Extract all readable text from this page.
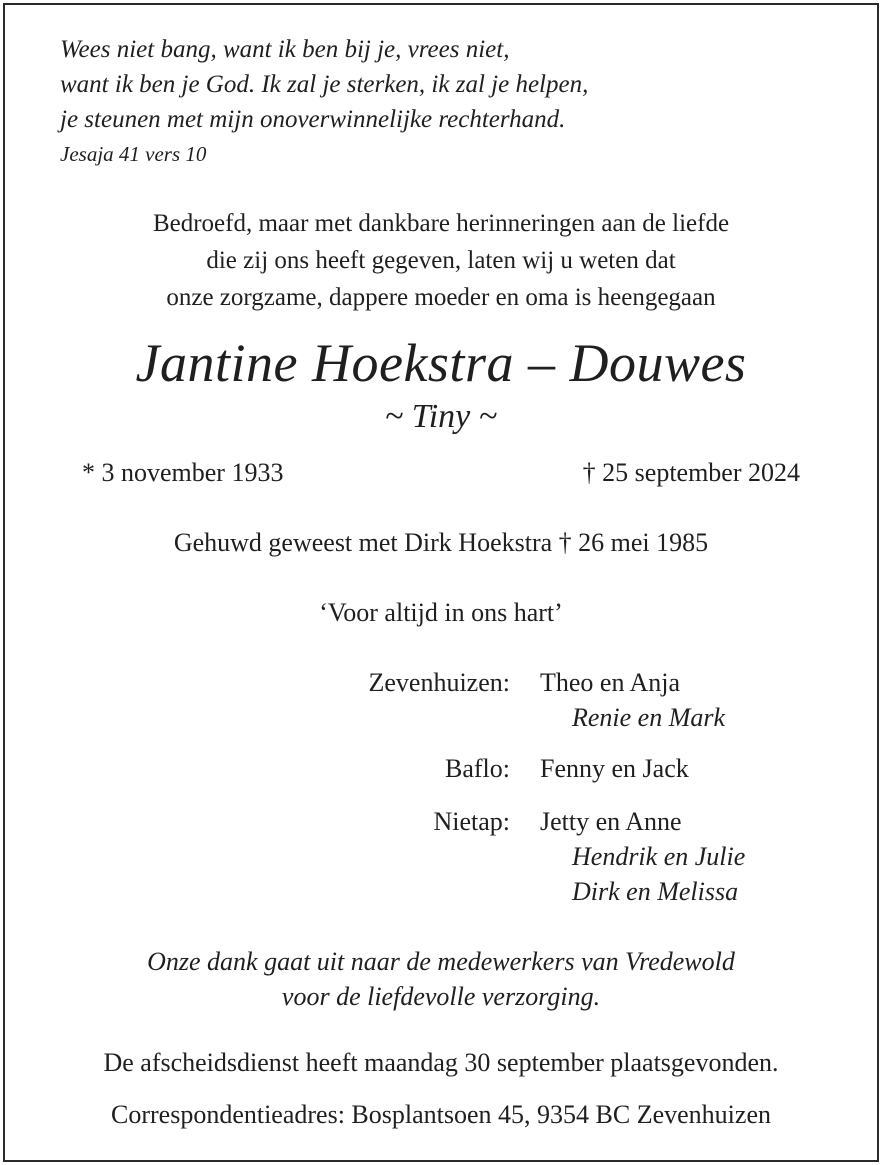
Wees niet bang, want ik ben bij je, vrees niet,
want ik ben je God. Ik zal je sterken, ik zal je helpen,
je steunen met mijn onoverwinnelijke rechterhand.
Jesaja 41 vers 10
Bedroefd, maar met dankbare herinneringen aan de liefde
die zij ons heeft gegeven, laten wij u weten dat
onze zorgzame, dappere moeder en oma is heengegaan
Jantine Hoekstra – Douwes
~ Tiny ~
* 3 november 1933	† 25 september 2024
Gehuwd geweest met Dirk Hoekstra † 26 mei 1985
‘Voor altijd in ons hart’
Zevenhuizen: Theo en Anja
Renie en Mark
Baflo: Fenny en Jack
Nietap: Jetty en Anne
Hendrik en Julie
Dirk en Melissa
Onze dank gaat uit naar de medewerkers van Vredewold
voor de liefdevolle verzorging.
De afscheidsdienst heeft maandag 30 september plaatsgevonden.
Correspondentieadres: Bosplantsoen 45, 9354 BC Zevenhuizen
